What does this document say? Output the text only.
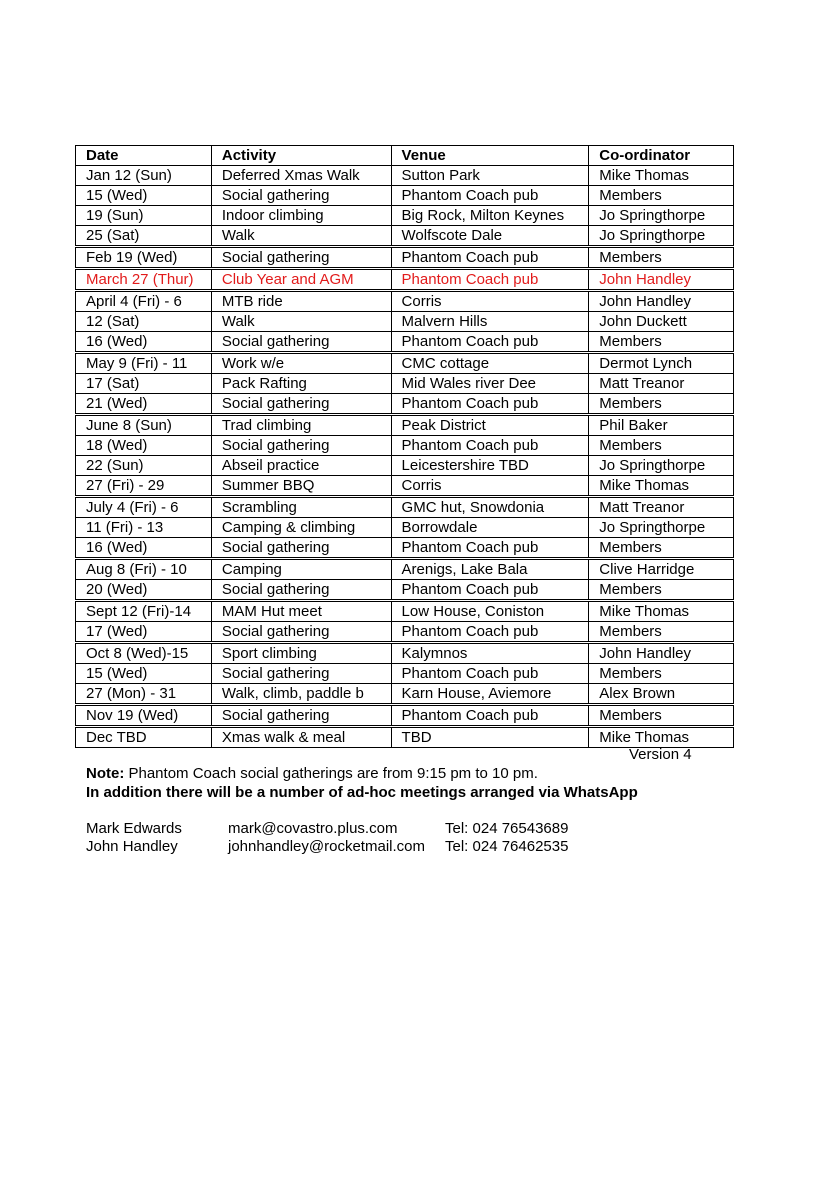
Date	Activity	Venue	Co-ordinator
Jan 12 (Sun)	Deferred Xmas Walk	Sutton Park	Mike Thomas
15 (Wed)	Social gathering	Phantom Coach pub	Members
19 (Sun)	Indoor climbing	Big Rock, Milton Keynes	Jo Springthorpe
25 (Sat)	Walk	Wolfscote Dale	Jo Springthorpe
Feb 19 (Wed)	Social gathering	Phantom Coach pub	Members
March 27 (Thur)	Club Year and AGM	Phantom Coach pub	John Handley
April 4 (Fri) - 6	MTB ride	Corris	John Handley
12 (Sat)	Walk	Malvern Hills	John Duckett
16 (Wed)	Social gathering	Phantom Coach pub	Members
May 9 (Fri) - 11	Work w/e	CMC cottage	Dermot Lynch
17 (Sat)	Pack Rafting	Mid Wales river Dee	Matt Treanor
21 (Wed)	Social gathering	Phantom Coach pub	Members
June 8 (Sun)	Trad climbing	Peak District	Phil Baker
18 (Wed)	Social gathering	Phantom Coach pub	Members
22 (Sun)	Abseil practice	Leicestershire TBD	Jo Springthorpe
27 (Fri) - 29	Summer BBQ	Corris	Mike Thomas
July 4 (Fri) - 6	Scrambling	GMC hut, Snowdonia	Matt Treanor
11 (Fri) - 13	Camping & climbing	Borrowdale	Jo Springthorpe
16 (Wed)	Social gathering	Phantom Coach pub	Members
Aug 8 (Fri) - 10	Camping	Arenigs, Lake Bala	Clive Harridge
20 (Wed)	Social gathering	Phantom Coach pub	Members
Sept 12 (Fri)-14	MAM Hut meet	Low House, Coniston	Mike Thomas
17 (Wed)	Social gathering	Phantom Coach pub	Members
Oct 8 (Wed)-15	Sport climbing	Kalymnos	John Handley
15 (Wed)	Social gathering	Phantom Coach pub	Members
27 (Mon) - 31	Walk, climb, paddle b	Karn House, Aviemore	Alex Brown
Nov 19 (Wed)	Social gathering	Phantom Coach pub	Members
Dec TBD	Xmas walk & meal	TBD	Mike Thomas
Version 4
Note: Phantom Coach social gatherings are from 9:15 pm to 10 pm.
In addition there will be a number of ad-hoc meetings arranged via WhatsApp
Mark Edwards	mark@covastro.plus.com	Tel: 024 76543689
John Handley	johnhandley@rocketmail.com Tel: 024 76462535
